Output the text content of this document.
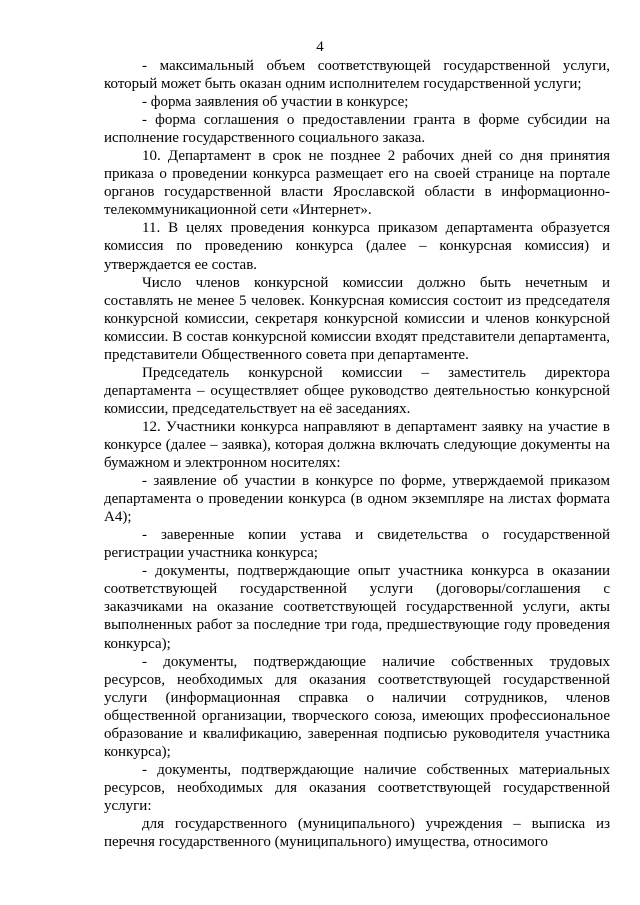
4

- максимальный объем соответствующей государственной услуги, который может быть оказан одним исполнителем государственной услуги;

- форма заявления об участии в конкурсе;

- форма соглашения о предоставлении гранта в форме субсидии на исполнение государственного социального заказа.

10. Департамент в срок не позднее 2 рабочих дней со дня принятия приказа о проведении конкурса размещает его на своей странице на портале органов государственной власти Ярославской области в информационно-телекоммуникационной сети «Интернет».

11. В целях проведения конкурса приказом департамента образуется комиссия по проведению конкурса (далее – конкурсная комиссия) и утверждается ее состав.

Число членов конкурсной комиссии должно быть нечетным и составлять не менее 5 человек. Конкурсная комиссия состоит из председателя конкурсной комиссии, секретаря конкурсной комиссии и членов конкурсной комиссии. В состав конкурсной комиссии входят представители департамента, представители Общественного совета при департаменте.

Председатель конкурсной комиссии – заместитель директора департамента – осуществляет общее руководство деятельностью конкурсной комиссии, председательствует на её заседаниях.

12. Участники конкурса направляют в департамент заявку на участие в конкурсе (далее – заявка), которая должна включать следующие документы на бумажном и электронном носителях:

- заявление об участии в конкурсе по форме, утверждаемой приказом департамента о проведении конкурса (в одном экземпляре на листах формата А4);

- заверенные копии устава и свидетельства о государственной регистрации участника конкурса;

- документы, подтверждающие опыт участника конкурса в оказании соответствующей государственной услуги (договоры/соглашения с заказчиками на оказание соответствующей государственной услуги, акты выполненных работ за последние три года, предшествующие году проведения конкурса);

- документы, подтверждающие наличие собственных трудовых ресурсов, необходимых для оказания соответствующей государственной услуги (информационная справка о наличии сотрудников, членов общественной организации, творческого союза, имеющих профессиональное образование и квалификацию, заверенная подписью руководителя участника конкурса);

- документы, подтверждающие наличие собственных материальных ресурсов, необходимых для оказания соответствующей государственной услуги:

для государственного (муниципального) учреждения – выписка из перечня государственного (муниципального) имущества, относимого
